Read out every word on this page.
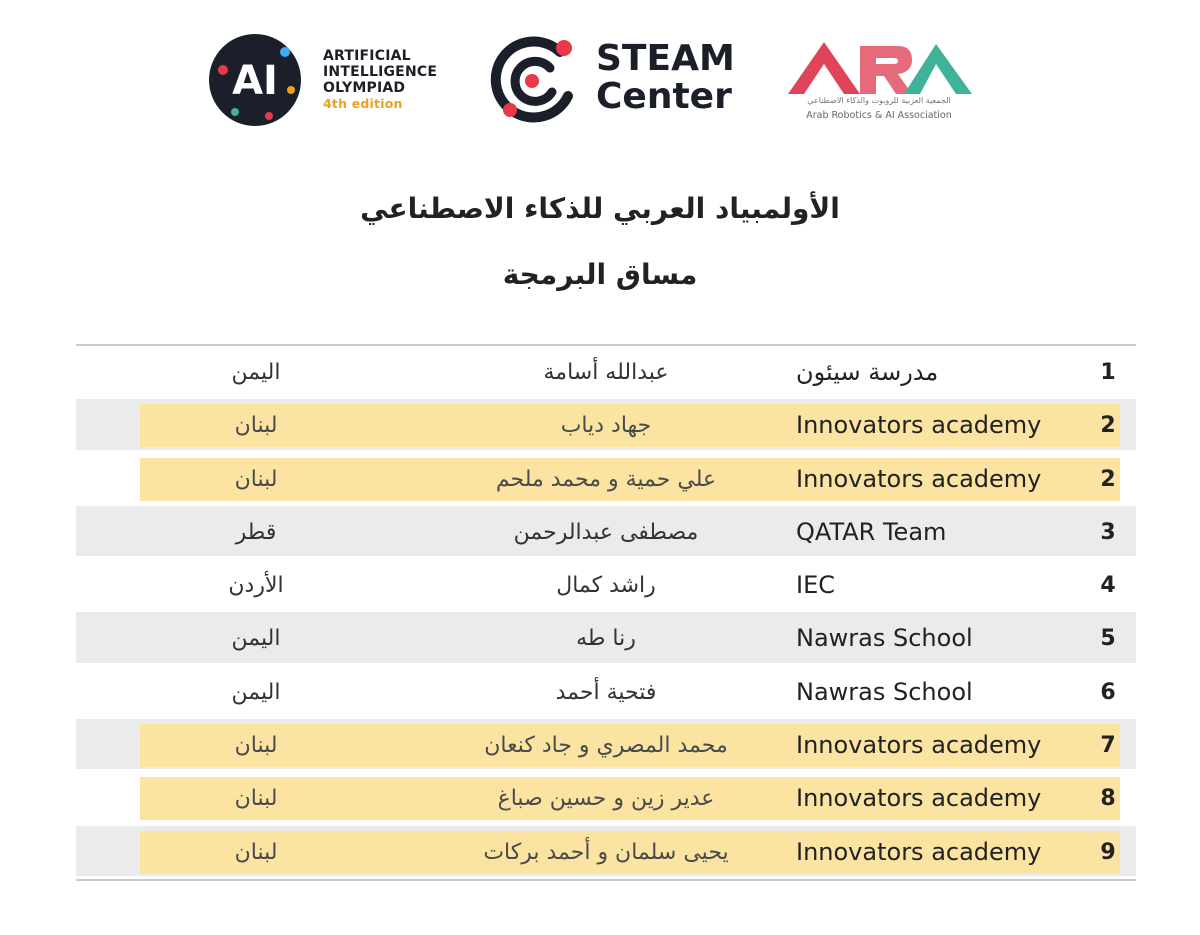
AI
ARTIFICIAL
INTELLIGENCE
OLYMPIAD
4th edition
STEAM
Center	الجمعية العربية للروبوت والذكاء الاصطناعي
Arab Robotics & AI Association
الأولمبياد العربي للذكاء الاصطناعي
مساق البرمجة
اليمن	عبدالله أسامة	مدرسة سيئون	1
لبنان	جهاد دياب	Innovators academy	2
لبنان	علي حمية و محمد ملحم	Innovators academy	2
قطر	مصطفى عبدالرحمن	QATAR Team	3
الأردن	راشد كمال	IEC	4
اليمن	رنا طه	Nawras School	5
اليمن	فتحية أحمد	Nawras School	6
لبنان	محمد المصري و جاد كنعان	Innovators academy	7
لبنان	عدير زين و حسين صباغ	Innovators academy	8
لبنان	يحيى سلمان و أحمد بركات	Innovators academy	9
